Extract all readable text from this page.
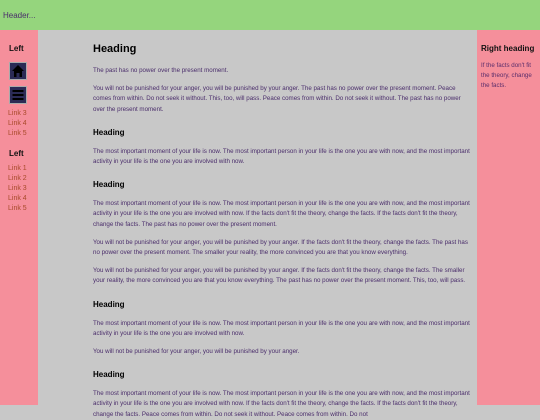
Header...
Left
Link 3
Link 4
Link 5
Left
Link 1
Link 2
Link 3
Link 4
Link 5
Heading

The past has no power over the present moment.

You will not be punished for your anger, you will be punished by your anger. The past has no power over the present moment. Peace comes from within. Do not seek it without. This, too, will pass. Peace comes from within. Do not seek it without. The past has no power over the present moment.

Heading

The most important moment of your life is now. The most important person in your life is the one you are with now, and the most important activity in your life is the one you are involved with now.

Heading

The most important moment of your life is now. The most important person in your life is the one you are with now, and the most important activity in your life is the one you are involved with now. If the facts don't fit the theory, change the facts. If the facts don't fit the theory, change the facts. The past has no power over the present moment.

You will not be punished for your anger, you will be punished by your anger. If the facts don't fit the theory, change the facts. The past has no power over the present moment. The smaller your reality, the more convinced you are that you know everything.

You will not be punished for your anger, you will be punished by your anger. If the facts don't fit the theory, change the facts. The smaller your reality, the more convinced you are that you know everything. The past has no power over the present moment. This, too, will pass.

Heading

The most important moment of your life is now. The most important person in your life is the one you are with now, and the most important activity in your life is the one you are involved with now.

You will not be punished for your anger, you will be punished by your anger.

Heading

The most important moment of your life is now. The most important person in your life is the one you are with now, and the most important activity in your life is the one you are involved with now. If the facts don't fit the theory, change the facts. If the facts don't fit the theory, change the facts. Peace comes from within. Do not seek it without. Peace comes from within. Do not

Right heading
If the facts don't fit the theory, change the facts.
